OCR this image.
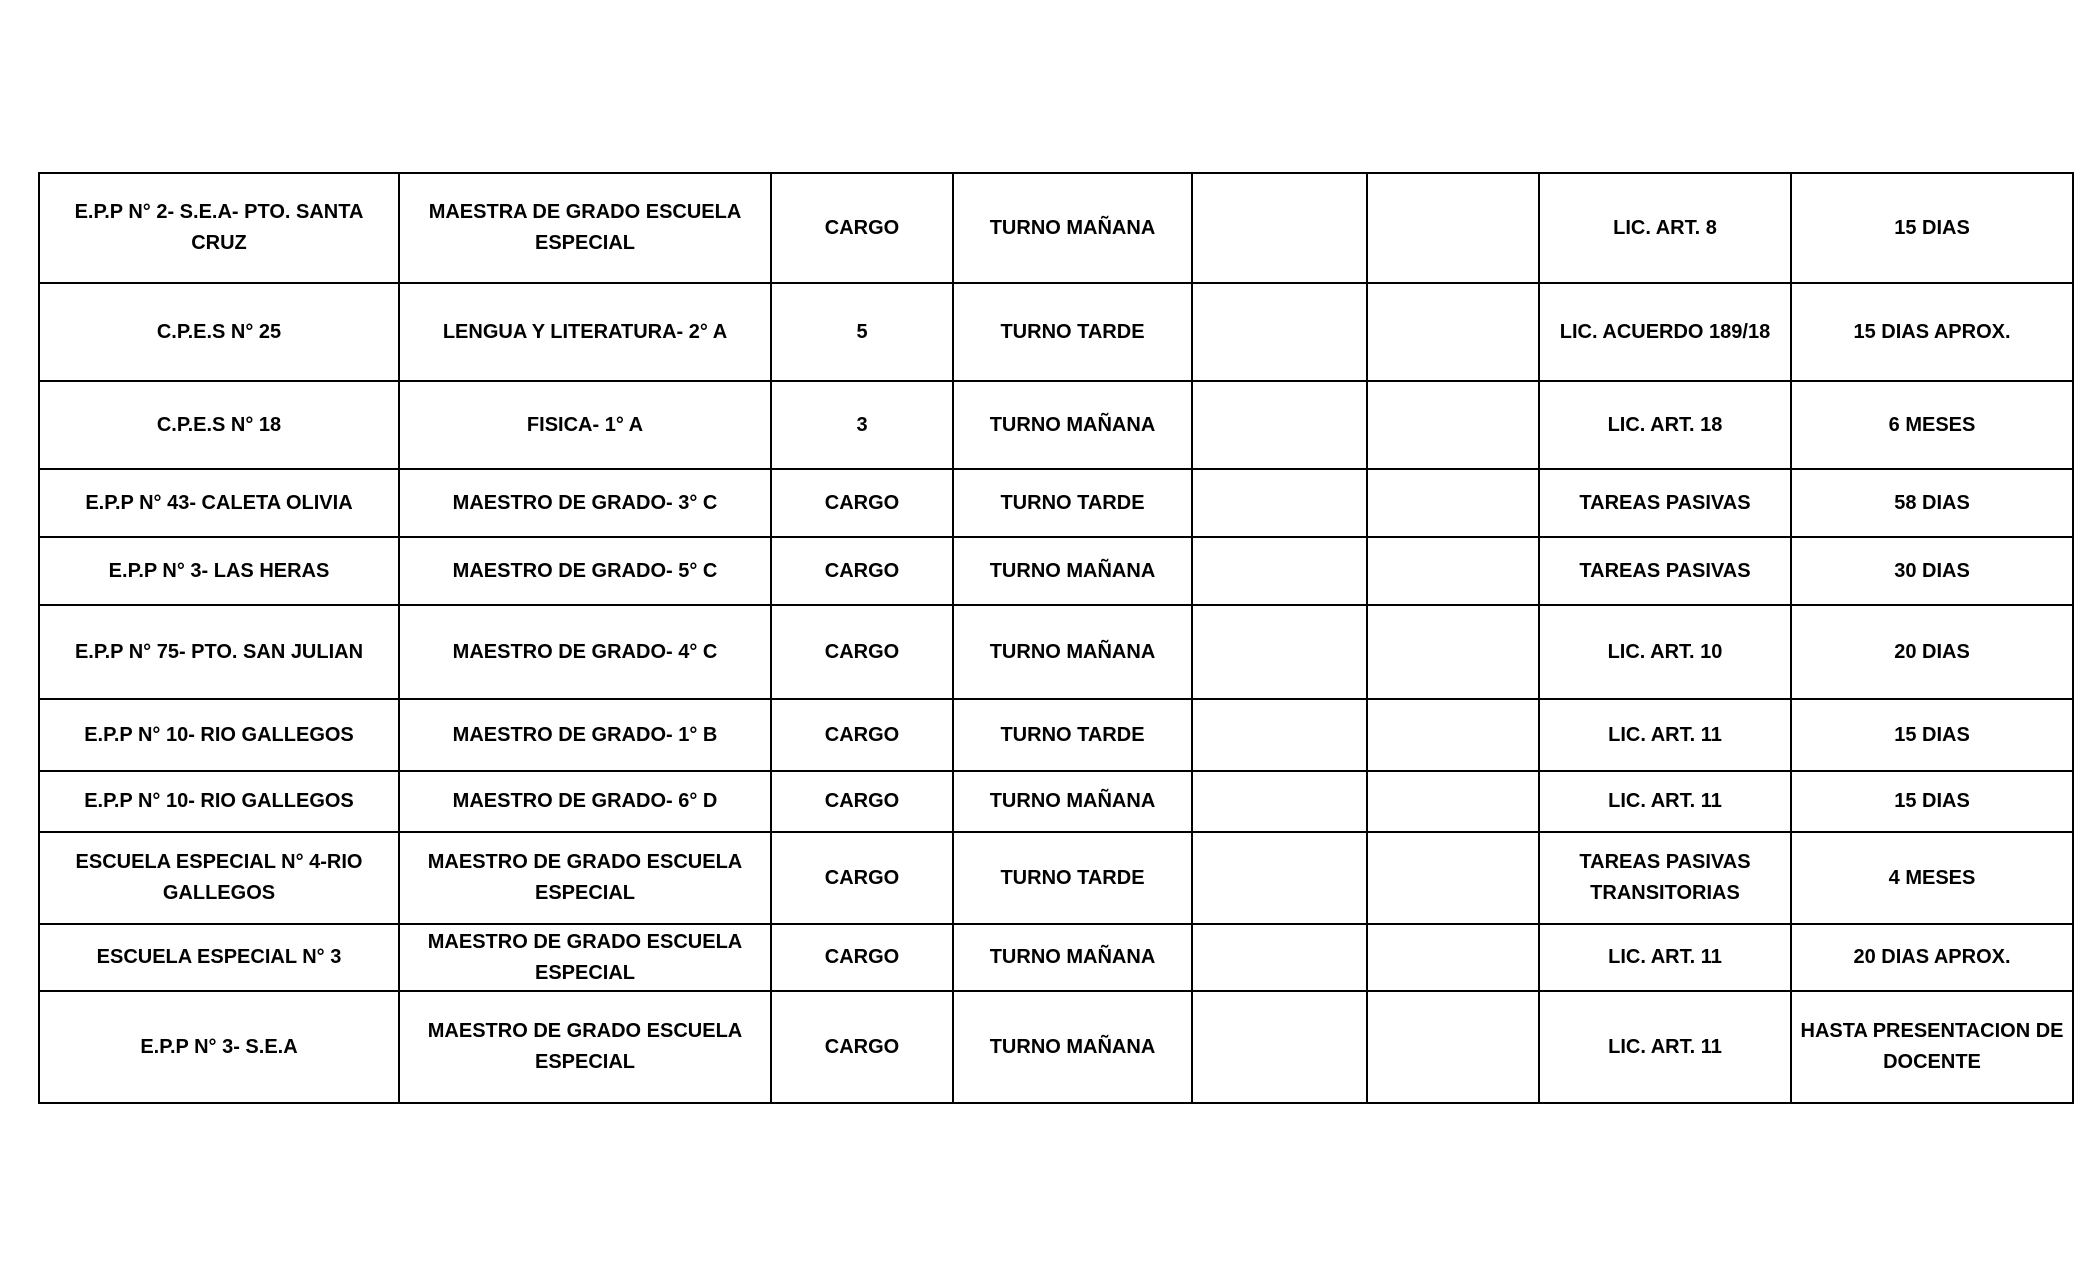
E.P.P N° 2- S.E.A- PTO. SANTA CRUZ	MAESTRA DE GRADO ESCUELA ESPECIAL	CARGO	TURNO MAÑANA			LIC. ART. 8	15 DIAS
C.P.E.S N° 25	LENGUA Y LITERATURA- 2° A	5	TURNO TARDE			LIC. ACUERDO 189/18	15 DIAS APROX.
C.P.E.S N° 18	FISICA- 1° A	3	TURNO MAÑANA			LIC. ART. 18	6 MESES
E.P.P N° 43- CALETA OLIVIA	MAESTRO DE GRADO- 3° C	CARGO	TURNO TARDE			TAREAS PASIVAS	58 DIAS
E.P.P N° 3- LAS HERAS	MAESTRO DE GRADO- 5° C	CARGO	TURNO MAÑANA			TAREAS PASIVAS	30 DIAS
E.P.P N° 75- PTO. SAN JULIAN	MAESTRO DE GRADO- 4° C	CARGO	TURNO MAÑANA			LIC. ART. 10	20 DIAS
E.P.P N° 10- RIO GALLEGOS	MAESTRO DE GRADO- 1° B	CARGO	TURNO TARDE			LIC. ART. 11	15 DIAS
E.P.P N° 10- RIO GALLEGOS	MAESTRO DE GRADO- 6° D	CARGO	TURNO MAÑANA			LIC. ART. 11	15 DIAS
ESCUELA ESPECIAL N° 4-RIO GALLEGOS	MAESTRO DE GRADO ESCUELA ESPECIAL	CARGO	TURNO TARDE			TAREAS PASIVAS TRANSITORIAS	4 MESES
ESCUELA ESPECIAL N° 3	MAESTRO DE GRADO ESCUELA ESPECIAL	CARGO	TURNO MAÑANA			LIC. ART. 11	20 DIAS APROX.
E.P.P N° 3- S.E.A	MAESTRO DE GRADO ESCUELA ESPECIAL	CARGO	TURNO MAÑANA			LIC. ART. 11	HASTA PRESENTACION DE DOCENTE
